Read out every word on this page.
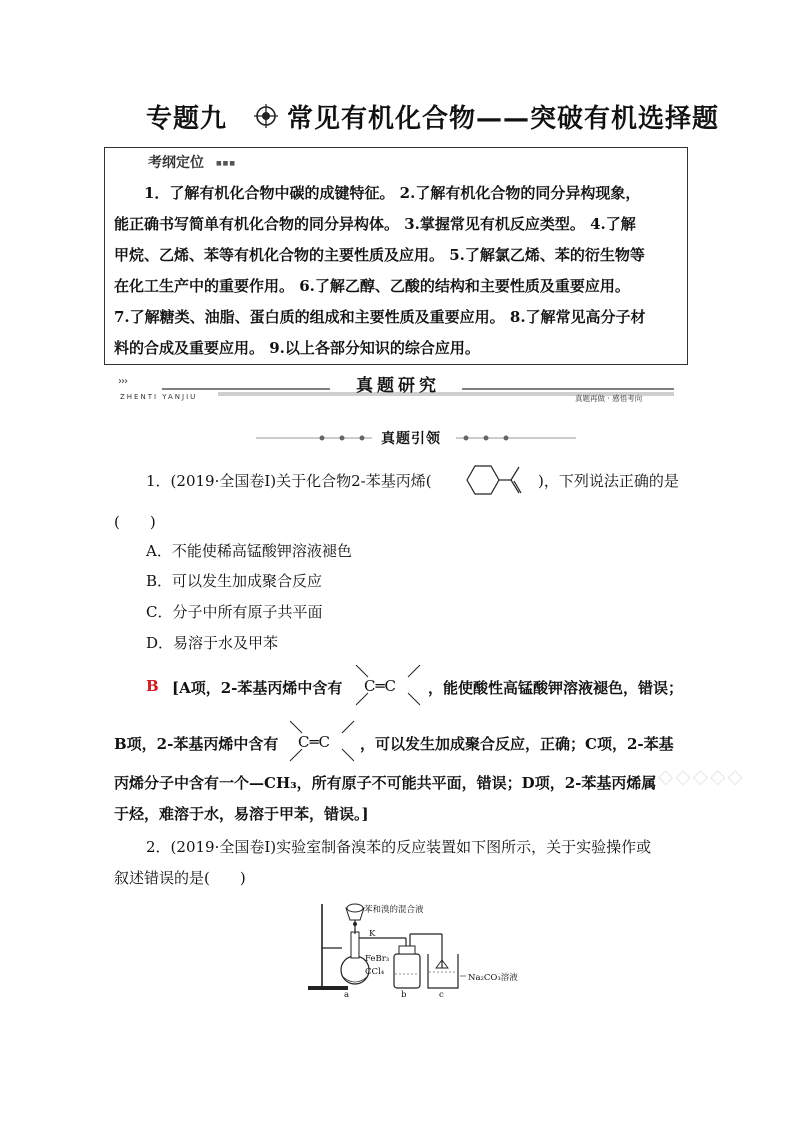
专题九 常见有机化合物——突破有机选择题
考纲定位 ■■■
1．了解有机化合物中碳的成键特征。 2.了解有机化合物的同分异构现象，
能正确书写简单有机化合物的同分异构体。 3.掌握常见有机反应类型。 4.了解
甲烷、乙烯、苯等有机化合物的主要性质及应用。 5.了解氯乙烯、苯的衍生物等
在化工生产中的重要作用。 6.了解乙醇、乙酸的结构和主要性质及重要应用。
7.了解糖类、油脂、蛋白质的组成和主要性质及重要应用。 8.了解常见高分子材
料的合成及重要应用。 9.以上各部分知识的综合应用。
›››
ZHENTI YANJIU
真题研究
真题再做 · 感悟考向
真题引领
1．(2019·全国卷Ⅰ)关于化合物2-苯基丙烯(	)，下列说法正确的是
(　　)
A．不能使稀高锰酸钾溶液褪色
B．可以发生加成聚合反应
C．分子中所有原子共平面
D．易溶于水及甲苯
B [A项，2-苯基丙烯中含有 C═C ，能使酸性高锰酸钾溶液褪色，错误；
B项，2-苯基丙烯中含有 C═C ，可以发生加成聚合反应，正确；C项，2-苯基
◇◇◇◇◇
丙烯分子中含有一个—CH₃，所有原子不可能共平面，错误；D项，2-苯基丙烯属
于烃，难溶于水，易溶于甲苯，错误。]
2．(2019·全国卷Ⅰ)实验室制备溴苯的反应装置如下图所示，关于实验操作或
叙述错误的是(　　)
苯和溴的混合液
K
FeBr₃
CCl₄
Na₂CO₃溶液
a	b	c
